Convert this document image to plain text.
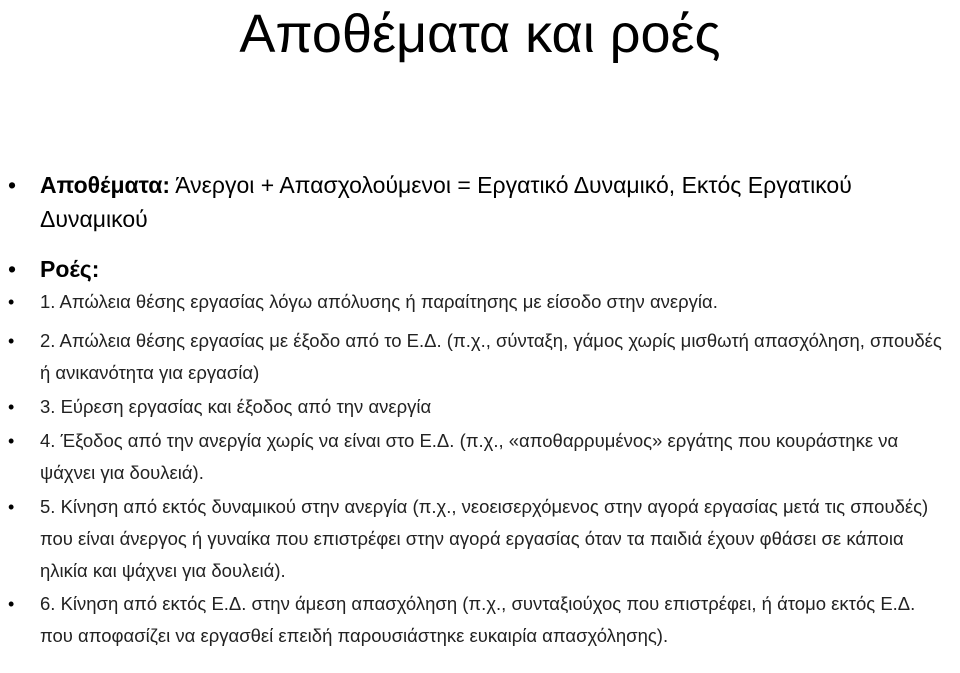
Αποθέματα και ροές
• Αποθέματα: Άνεργοι + Απασχολούμενοι = Εργατικό Δυναμικό, Εκτός Εργατικού Δυναμικού
• Ροές:
• 1. Απώλεια θέσης εργασίας λόγω απόλυσης ή παραίτησης με είσοδο στην ανεργία.
• 2. Απώλεια θέσης εργασίας με έξοδο από το Ε.Δ. (π.χ., σύνταξη, γάμος χωρίς μισθωτή απασχόληση, σπουδές ή ανικανότητα για εργασία)
• 3. Εύρεση εργασίας και έξοδος από την ανεργία
• 4. Έξοδος από την ανεργία χωρίς να είναι στο Ε.Δ. (π.χ., «αποθαρρυμένος» εργάτης που κουράστηκε να ψάχνει για δουλειά).
• 5. Κίνηση από εκτός δυναμικού στην ανεργία (π.χ., νεοεισερχόμενος στην αγορά εργασίας μετά τις σπουδές) που είναι άνεργος ή γυναίκα που επιστρέφει στην αγορά εργασίας όταν τα παιδιά έχουν φθάσει σε κάποια ηλικία και ψάχνει για δουλειά).
• 6. Κίνηση από εκτός Ε.Δ. στην άμεση απασχόληση (π.χ., συνταξιούχος που επιστρέφει, ή άτομο εκτός Ε.Δ. που αποφασίζει να εργασθεί επειδή παρουσιάστηκε ευκαιρία απασχόλησης).
